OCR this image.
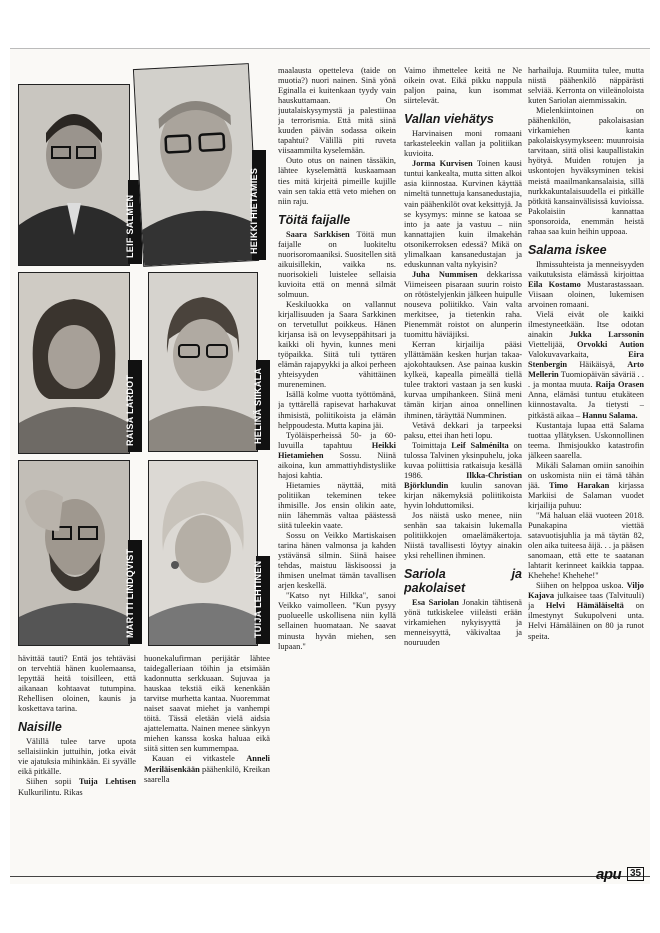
LEIF SALMEN	HEIKKI HIETAMIES
RAISA LARDOT	HELINÄ SIIKALA
MARTTI LINDQVIST	TUIJA LEHTINEN

hävittää tauti? Entä jos tehtäväsi on tervehtiä hänen kuolemaansa, lepyttää heitä toisilleen, että aikanaan kohtaavat tutumpina. Rehellisen oloinen, kaunis ja koskettava tarina.

Naisille

Välillä tulee tarve upota sellaisiinkin juttuihin, jotka eivät vie ajatuksia mihinkään. Ei syvälle eikä pitkälle.

Siihen sopii Tuija Lehtisen Kulkurilintu. Rikas

huonekalufirman perijätär lähtee taidegalleriaan töihin ja etsimään kadonnutta serkkuaan. Sujuvaa ja hauskaa tekstiä eikä kenenkään tarvitse murhetta kantaa. Nuoremmat naiset saavat miehet ja vanhempi töitä. Tässä eletään vielä aidsia ajattelematta. Nainen menee sänkyyn miehen kanssa koska haluaa eikä siitä sitten sen kummempaa.

Kauan ei vitkastele Anneli Meriläisenkään päähenkilö, Kreikan saarella

maalausta opetteleva (taide on muotia?) nuori nainen. Sinä yönä Eginalla ei kuitenkaan tyydy vain hauskuttamaan. On juutalaiskysymystä ja palestiinaa ja terrorismia. Että mitä siinä kuuden päivän sodassa oikein tapahtui? Välillä piti ruveta viisaammilta kyselemään.

Outo otus on nainen tässäkin, lähtee kyselemättä kuskaamaan ties mitä kirjeitä pimeille kujille vain sen takia että veto miehen on niin raju.

Töitä faijalle

Saara Sarkkisen Töitä mun faijalle on luokiteltu nuorisoromaaniksi. Suositellen sitä aikuisillekin, vaikka ns. nuorisokieli luistelee sellaisia kuvioita että on mennä silmät solmuun.

Keskiluokka on vallannut kirjallisuuden ja Saara Sarkkinen on tervetullut poikkeus. Hänen kirjansa isä on levyseppähitsari ja kaikki oli hyvin, kunnes meni työpaikka. Siitä tuli tyttären elämän rajapyykki ja alkoi perheen yhteisyyden vähittäinen mureneminen.

Isällä kolme vuotta työttömänä, ja tyttärellä rapisevat harhakuvat ihmisistä, poliitikoista ja elämän helppoudesta. Mutta kapina jäi.

Työläisperheissä 50- ja 60-luvuilla tapahtuu Heikki Hietamiehen Sossu. Niinä aikoina, kun ammattiyhdistysliike hajosi kahtia.

Hietamies näyttää, mitä politiikan tekeminen tekee ihmisille. Jos ensin olikin aate, niin lähemmäs valtaa päästessä siitä tuleekin vaate.

Sossu on Veikko Martiskaisen tarina hänen valmonsa ja kahden ystävänsä silmin. Siinä haisee tehdas, maistuu läskisoossi ja ihmisen unelmat tämän tavallisen arjen keskellä.

"Katso nyt Hilkka", sanoi Veikko vaimolleen. "Kun pysyy puolueelle uskollisena niin kyllä sellainen huomataan. Ne saavat minusta hyvän miehen, sen lupaan."

Vaimo ihmettelee keitä ne Ne oikein ovat. Eikä pikku nappula paljon paina, kun isommat siirtelevät.

Vallan viehätys

Harvinaisen moni romaani tarkasteleekin vallan ja politiikan kuvioita.

Jorma Kurvisen Toinen kausi tuntui kankealta, mutta sitten alkoi asia kiinnostaa. Kurvinen käyttää nimeltä tunnettuja kansanedustajia, vain päähenkilöt ovat keksittyjä. Ja se kysymys: minne se katoaa se into ja aate ja vastuu – niin kannattajien kuin ilmakehän otsonikerroksen edessä? Mikä on ylimalkaan kansanedustajan ja eduskunnan valta nykyisin?

Juha Nummisen dekkarissa Viimeiseen pisaraan suurin roisto on rötöstelyjenkin jälkeen huipulle nouseva poliitikko. Vain valta merkitsee, ja tietenkin raha. Pienemmät roistot on alunperin tuomittu häviäjiksi.

Kerran kirjailija pääsi yllättämään kesken hurjan takaa-ajokohtauksen. Ase painaa kuskin kylkeä, kapealla pimeällä tiellä tulee traktori vastaan ja sen kuski kurvaa umpihankeen. Siinä meni tämän kirjan ainoa onnellinen ihminen, täräyttää Numminen.

Vetävä dekkari ja tarpeeksi paksu, ettei ihan heti lopu.

Toimittaja Leif Salménilta on tulossa Talvinen yksinpuhelu, joka kuvaa poliittisia ratkaisuja kesällä 1986. Ilkka-Christian Björklundin kuulin sanovan kirjan näkemyksiä poliitikoista hyvin lohduttomiksi.

Jos näistä usko menee, niin senhän saa takaisin lukemalla politiikkojen omaelämäkertoja. Niistä tavallisesti löytyy ainakin yksi rehellinen ihminen.

Sariola ja pakolaiset

Esa Sariolan Jonakin tähtisenä yönä tutkiskelee viileästi erään virkamiehen nykyisyyttä ja menneisyyttä, väkivaltaa ja nouruuden

harhailuja. Ruumiita tulee, mutta niistä päähenkilö näppärästi selviää. Kerronta on viileänoloista kuten Sariolan aiemmissakin.

Mielenkiintoinen on päähenkilön, pakolaisasian virkamiehen kanta pakolaiskysymykseen: muunroisia tarvitaan, siitä olisi kaupallistakin hyötyä. Muiden rotujen ja uskontojen hyväksyminen tekisi meistä maailmankansalaisia, sillä nurkkakuntalaisuudella ei pitkälle pötkitä kansainvälisissä kuvioissa. Pakolaisiin kannattaa sponsoroida, enemmän heistä rahaa saa kuin heihin uppoaa.

Salama iskee

Ihmissuhteista ja menneisyyden vaikutuksista elämässä kirjoittaa Eila Kostamo Mustarastassaan. Viisaan oloinen, lukemisen arvoinen romaani.

Vielä eivät ole kaikki ilmestyneetkään. Itse odotan ainakin Jukka Larssonin Viettelijää, Orvokki Aution Valokuvavarkaita, Eira Stenbergin Häikäisyä, Arto Mellerin Tuomiopäivän säväriä . . . ja montaa muuta. Raija Orasen Anna, elämäsi tuntuu etukäteen kiinnostavalta. Ja tietysti – pitkästä aikaa – Hannu Salama.

Kustantaja lupaa että Salama tuottaa yllätyksen. Uskonnollinen teema. Ihmisjoukko katastrofin jälkeen saarella.

Mikäli Salaman omiin sanoihin on uskomista niin ei tämä tähän jää. Timo Harakan kirjassa Markiisi de Salaman vuodet kirjailija puhuu:

"Mä haluan elää vuoteen 2018. Punakapina viettää satavuotisjuhlia ja mä täytän 82, olen aika tuiteesa äijä. . . ja pääsen sanomaan, että ette te saatanan lahtarit kerinneet kaikkia tappaa. Khehehe! Khehehe!"

Siihen on helppoa uskoa. Viljo Kajava julkaisee taas (Talvituuli) ja Helvi Hämäläiseltä on ilmestynyt Sukupolveni unta. Helvi Hämäläinen on 80 ja runot speita.

apu 35
